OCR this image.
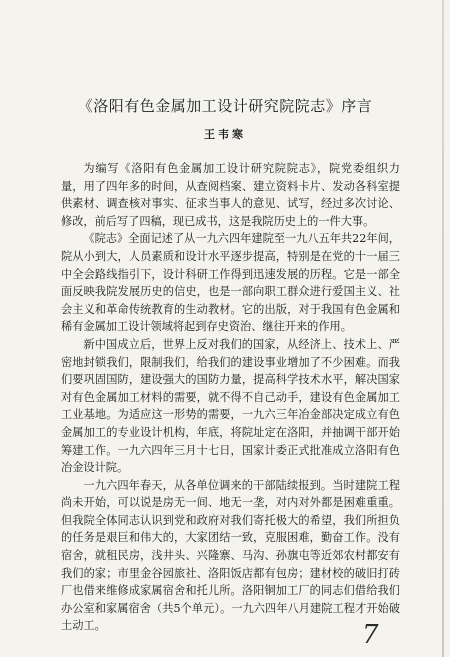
《洛阳有色金属加工设计研究院院志》序言
王韦寒

为编写《洛阳有色金属加工设计研究院院志》，院党委组织力量，用了四年多的时间，从查阅档案、建立资料卡片、发动各科室提供素材、调查核对事实、征求当事人的意见、试写，经过多次讨论、修改，前后写了四稿，现已成书，这是我院历史上的一件大事。

《院志》全面记述了从一九六四年建院至一九八五年共22年间，院从小到大，人员素质和设计水平逐步提高，特别是在党的十一届三中全会路线指引下，设计科研工作得到迅速发展的历程。它是一部全面反映我院发展历史的信史，也是一部向职工群众进行爱国主义、社会主义和革命传统教育的生动教材。它的出版，对于我国有色金属和稀有金属加工设计领域将起到存史资治、继往开来的作用。

新中国成立后，世界上反对我们的国家，从经济上、技术上、严密地封锁我们，限制我们，给我们的建设事业增加了不少困难。而我们要巩固国防，建设强大的国防力量，提高科学技术水平，解决国家对有色金属加工材料的需要，就不得不自己动手，建设有色金属加工工业基地。为适应这一形势的需要，一九六三年冶金部决定成立有色金属加工的专业设计机构，年底，将院址定在洛阳，并抽调干部开始筹建工作。一九六四年三月十七日，国家计委正式批准成立洛阳有色冶金设计院。

一九六四年春天，从各单位调来的干部陆续报到。当时建院工程尚未开始，可以说是房无一间、地无一垄，对内对外都是困难重重。但我院全体同志认识到党和政府对我们寄托极大的希望，我们所担负的任务是艰巨和伟大的，大家团结一致，克服困难，勤奋工作。没有宿舍，就租民房，浅井头、兴隆寨、马沟、孙旗屯等近郊农村都安有我们的家；市里金谷园旅社、洛阳饭店都有包房；建材校的破旧打砖厂也借来维修成家属宿舍和托儿所。洛阳铜加工厂的同志们借给我们办公室和家属宿舍（共5个单元）。一九六四年八月建院工程才开始破土动工。	7
